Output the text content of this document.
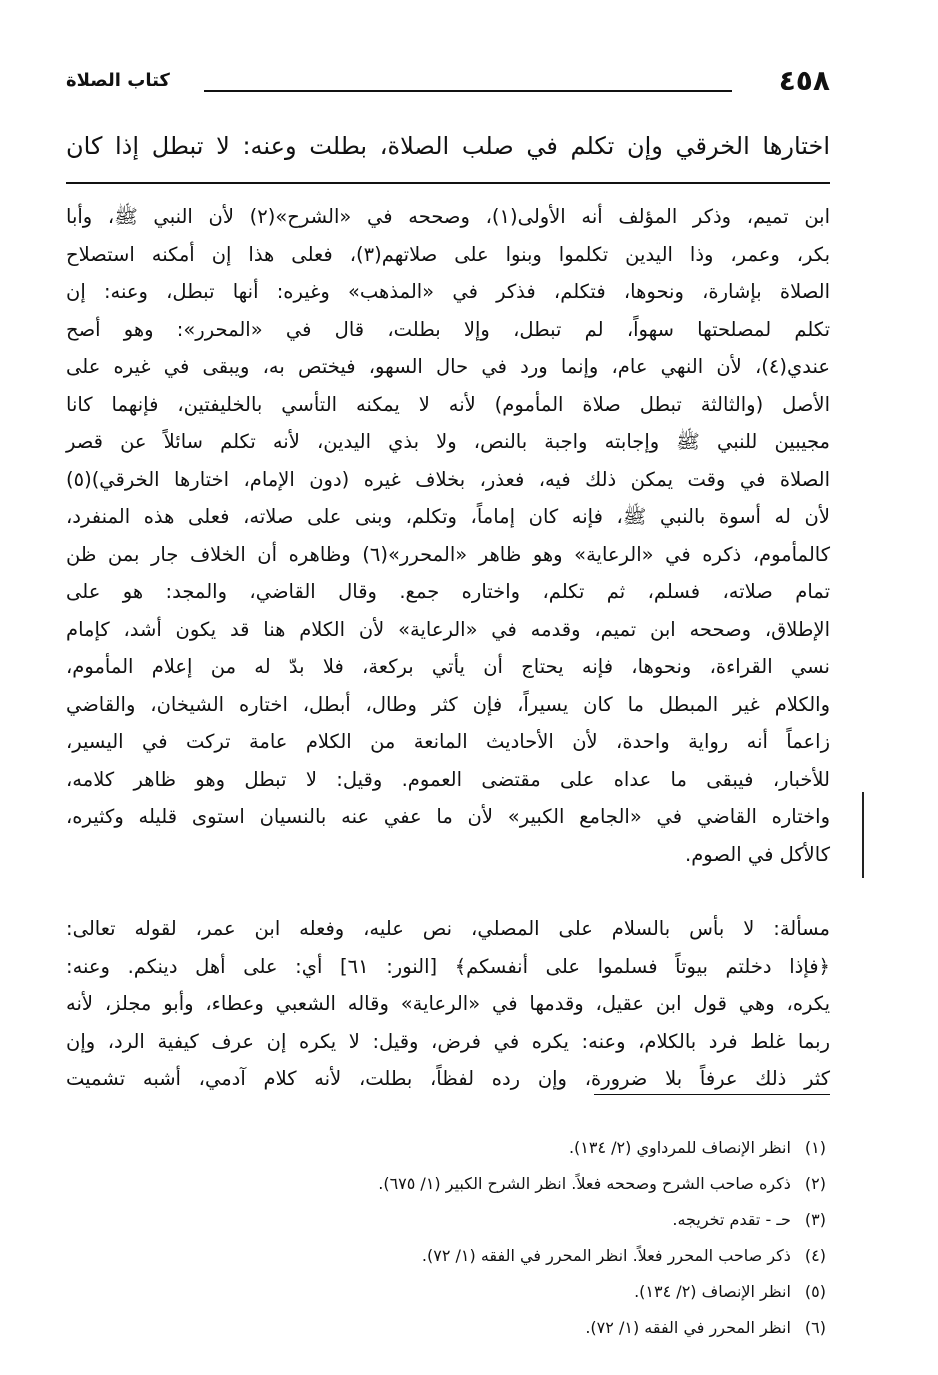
٤٥٨
كتاب الصلاة
اختارها الخرقي وإن تكلم في صلب الصلاة، بطلت وعنه: لا تبطل إذا كان
ابن تميم، وذكر المؤلف أنه الأولى(١)، وصححه في «الشرح»(٢) لأن النبي ﷺ، وأبا
بكر، وعمر، وذا اليدين تكلموا وبنوا على صلاتهم(٣)، فعلى هذا إن أمكنه استصلاح
الصلاة بإشارة، ونحوها، فتكلم، فذكر في «المذهب» وغيره: أنها تبطل، وعنه: إن
تكلم لمصلحتها سهواً، لم تبطل، وإلا بطلت، قال في «المحرر»: وهو أصح
عندي(٤)، لأن النهي عام، وإنما ورد في حال السهو، فيختص به، ويبقى في غيره على
الأصل (والثالثة تبطل صلاة المأموم) لأنه لا يمكنه التأسي بالخليفتين، فإنهما كانا
مجيبين للنبي ﷺ وإجابته واجبة بالنص، ولا بذي اليدين، لأنه تكلم سائلاً عن قصر
الصلاة في وقت يمكن ذلك فيه، فعذر، بخلاف غيره (دون الإمام، اختارها الخرقي)(٥)
لأن له أسوة بالنبي ﷺ، فإنه كان إماماً، وتكلم، وبنى على صلاته، فعلى هذه المنفرد،
كالمأموم، ذكره في «الرعاية» وهو ظاهر «المحرر»(٦) وظاهره أن الخلاف جار بمن ظن
تمام صلاته، فسلم، ثم تكلم، واختاره جمع. وقال القاضي، والمجد: هو على
الإطلاق، وصححه ابن تميم، وقدمه في «الرعاية» لأن الكلام هنا قد يكون أشد، كإمام
نسي القراءة، ونحوها، فإنه يحتاج أن يأتي بركعة، فلا بدّ له من إعلام المأموم،
والكلام غير المبطل ما كان يسيراً، فإن كثر وطال، أبطل، اختاره الشيخان، والقاضي
زاعماً أنه رواية واحدة، لأن الأحاديث المانعة من الكلام عامة تركت في اليسير،
للأخبار، فيبقى ما عداه على مقتضى العموم. وقيل: لا تبطل وهو ظاهر كلامه،
واختاره القاضي في «الجامع الكبير» لأن ما عفي عنه بالنسيان استوى قليله وكثيره،
كالأكل في الصوم.
مسألة: لا بأس بالسلام على المصلي، نص عليه، وفعله ابن عمر، لقوله تعالى:
﴿فإذا دخلتم بيوتاً فسلموا على أنفسكم﴾ [النور: ٦١] أي: على أهل دينكم. وعنه:
يكره، وهي قول ابن عقيل، وقدمها في «الرعاية» وقاله الشعبي وعطاء، وأبو مجلز، لأنه
ربما غلط فرد بالكلام، وعنه: يكره في فرض، وقيل: لا يكره إن عرف كيفية الرد، وإن
كثر ذلك عرفاً بلا ضرورة، وإن رده لفظاً، بطلت، لأنه كلام آدمي، أشبه تشميت
(١) انظر الإنصاف للمرداوي (٢/ ١٣٤).
(٢) ذكره صاحب الشرح وصححه فعلاً. انظر الشرح الكبير (١/ ٦٧٥).
(٣) حـ - تقدم تخريجه.
(٤) ذكر صاحب المحرر فعلاً. انظر المحرر في الفقه (١/ ٧٢).
(٥) انظر الإنصاف (٢/ ١٣٤).
(٦) انظر المحرر في الفقه (١/ ٧٢).
